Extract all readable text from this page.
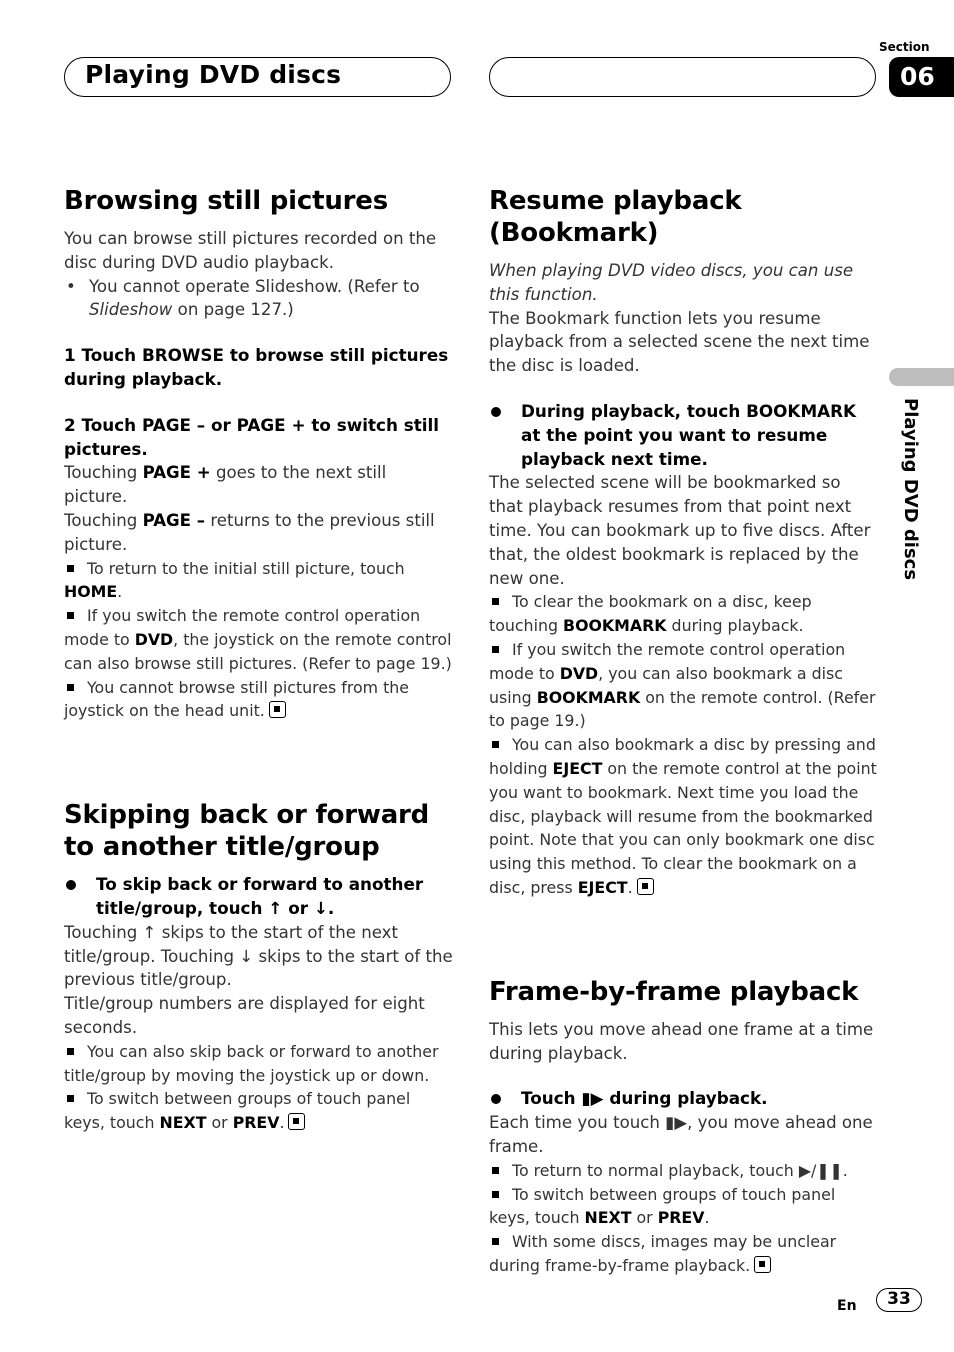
Playing DVD discs
Section
06
Playing DVD discs
Browsing still pictures
You can browse still pictures recorded on the disc during DVD audio playback.
• You cannot operate Slideshow. (Refer to Slideshow on page 127.)
1 Touch BROWSE to browse still pictures during playback.
2 Touch PAGE – or PAGE + to switch still pictures.
Touching PAGE + goes to the next still picture.
Touching PAGE – returns to the previous still picture.
To return to the initial still picture, touch HOME.
If you switch the remote control operation mode to DVD, the joystick on the remote control can also browse still pictures. (Refer to page 19.)
You cannot browse still pictures from the joystick on the head unit.
Skipping back or forward to another title/group
To skip back or forward to another title/group, touch ↑ or ↓.
Touching ↑ skips to the start of the next title/group. Touching ↓ skips to the start of the previous title/group.
Title/group numbers are displayed for eight seconds.
You can also skip back or forward to another title/group by moving the joystick up or down.
To switch between groups of touch panel keys, touch NEXT or PREV.
Resume playback (Bookmark)
When playing DVD video discs, you can use this function.
The Bookmark function lets you resume playback from a selected scene the next time the disc is loaded.
During playback, touch BOOKMARK at the point you want to resume playback next time.
The selected scene will be bookmarked so that playback resumes from that point next time. You can bookmark up to five discs. After that, the oldest bookmark is replaced by the new one.
To clear the bookmark on a disc, keep touching BOOKMARK during playback.
If you switch the remote control operation mode to DVD, you can also bookmark a disc using BOOKMARK on the remote control. (Refer to page 19.)
You can also bookmark a disc by pressing and holding EJECT on the remote control at the point you want to bookmark. Next time you load the disc, playback will resume from the bookmarked point. Note that you can only bookmark one disc using this method. To clear the bookmark on a disc, press EJECT.
Frame-by-frame playback
This lets you move ahead one frame at a time during playback.
Touch ▮▶ during playback.
Each time you touch ▮▶, you move ahead one frame.
To return to normal playback, touch ▶/❚❚.
To switch between groups of touch panel keys, touch NEXT or PREV.
With some discs, images may be unclear during frame-by-frame playback.
En	33
